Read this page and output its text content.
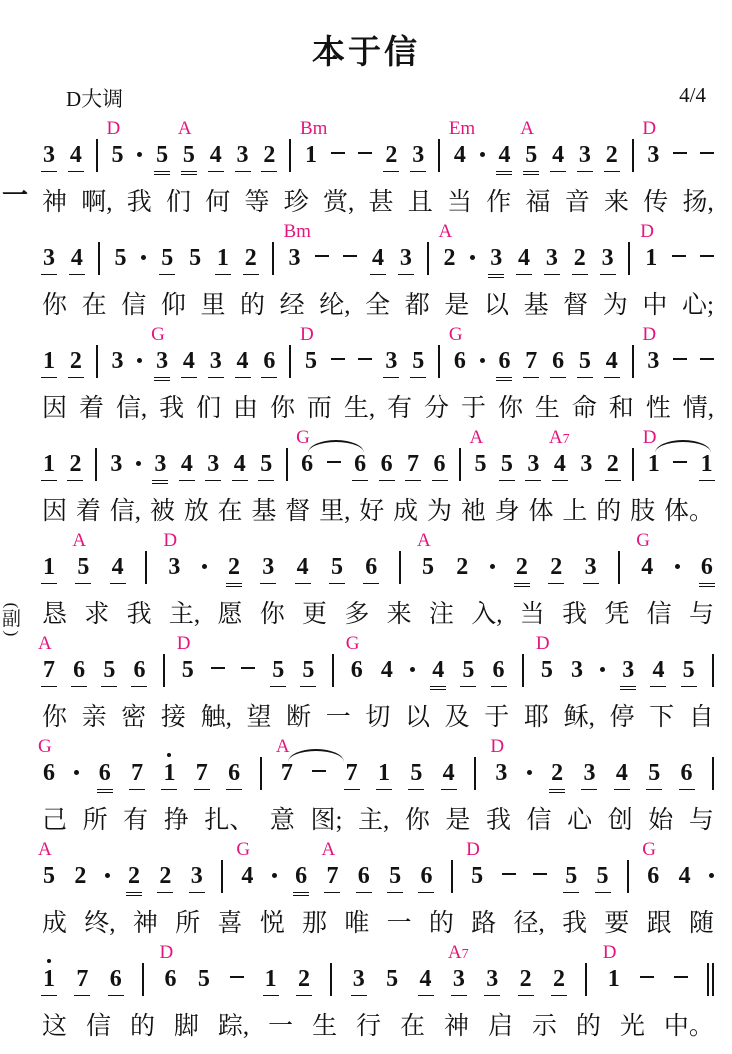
本于信
D大调	4/4
3 4 5
D
5 5
A
4 3 2 1
Bm
2 3 4
Em
4 5
A
4 3 2 3
D
神 啊, 我 们 何 等 珍 赏, 甚 且 当 作 福 音 来 传 扬,
一
3 4 5 5 5 1 2 3
Bm
4 3 2
A
3 4 3 2 3 1
D
你 在 信 仰 里 的 经 纶, 全 都 是 以 基 督 为 中 心;
1 2 3 3
G
4 3 4 6 5
D
3 5 6
G
6 7 6 5 4 3
D
因 着 信, 我 们 由 你 而 生, 有 分 于 你 生 命 和 性 情,
1 2 3 3 4 3 4 5 6
G
6 6 7 6 5
A
5 3 4
A7
3 2 1
D
1
因 着 信, 被 放 在 基 督 里, 好 成 为 祂 身 体 上 的 肢 体。
1 5
A
4 3
D
2 3 4 5 6 5
A
2 2 2 3 4
G
6
恳 求 我 主, 愿 你 更 多 来 注 入, 当 我 凭 信 与
(
副
)
7
A
6 5 6 5
D
5 5 6
G
4 4 5 6 5
D
3 3 4 5
你 亲 密 接 触, 望 断 一 切 以 及 于 耶 稣, 停 下 自
6
G
6 7 1 7 6 7
A
7 1 5 4 3
D
2 3 4 5 6
己 所 有 挣 扎、 意 图; 主, 你 是 我 信 心 创 始 与
5
A
2 2 2 3 4
G
6 7
A
6 5 6 5
D
5 5 6
G
4
成 终, 神 所 喜 悦 那 唯 一 的 路 径, 我 要 跟 随
1 7 6 6
D
5 1 2 3 5 4 3
A7
3 2 2 1
D
这 信 的 脚 踪, 一 生 行 在 神 启 示 的 光 中。
